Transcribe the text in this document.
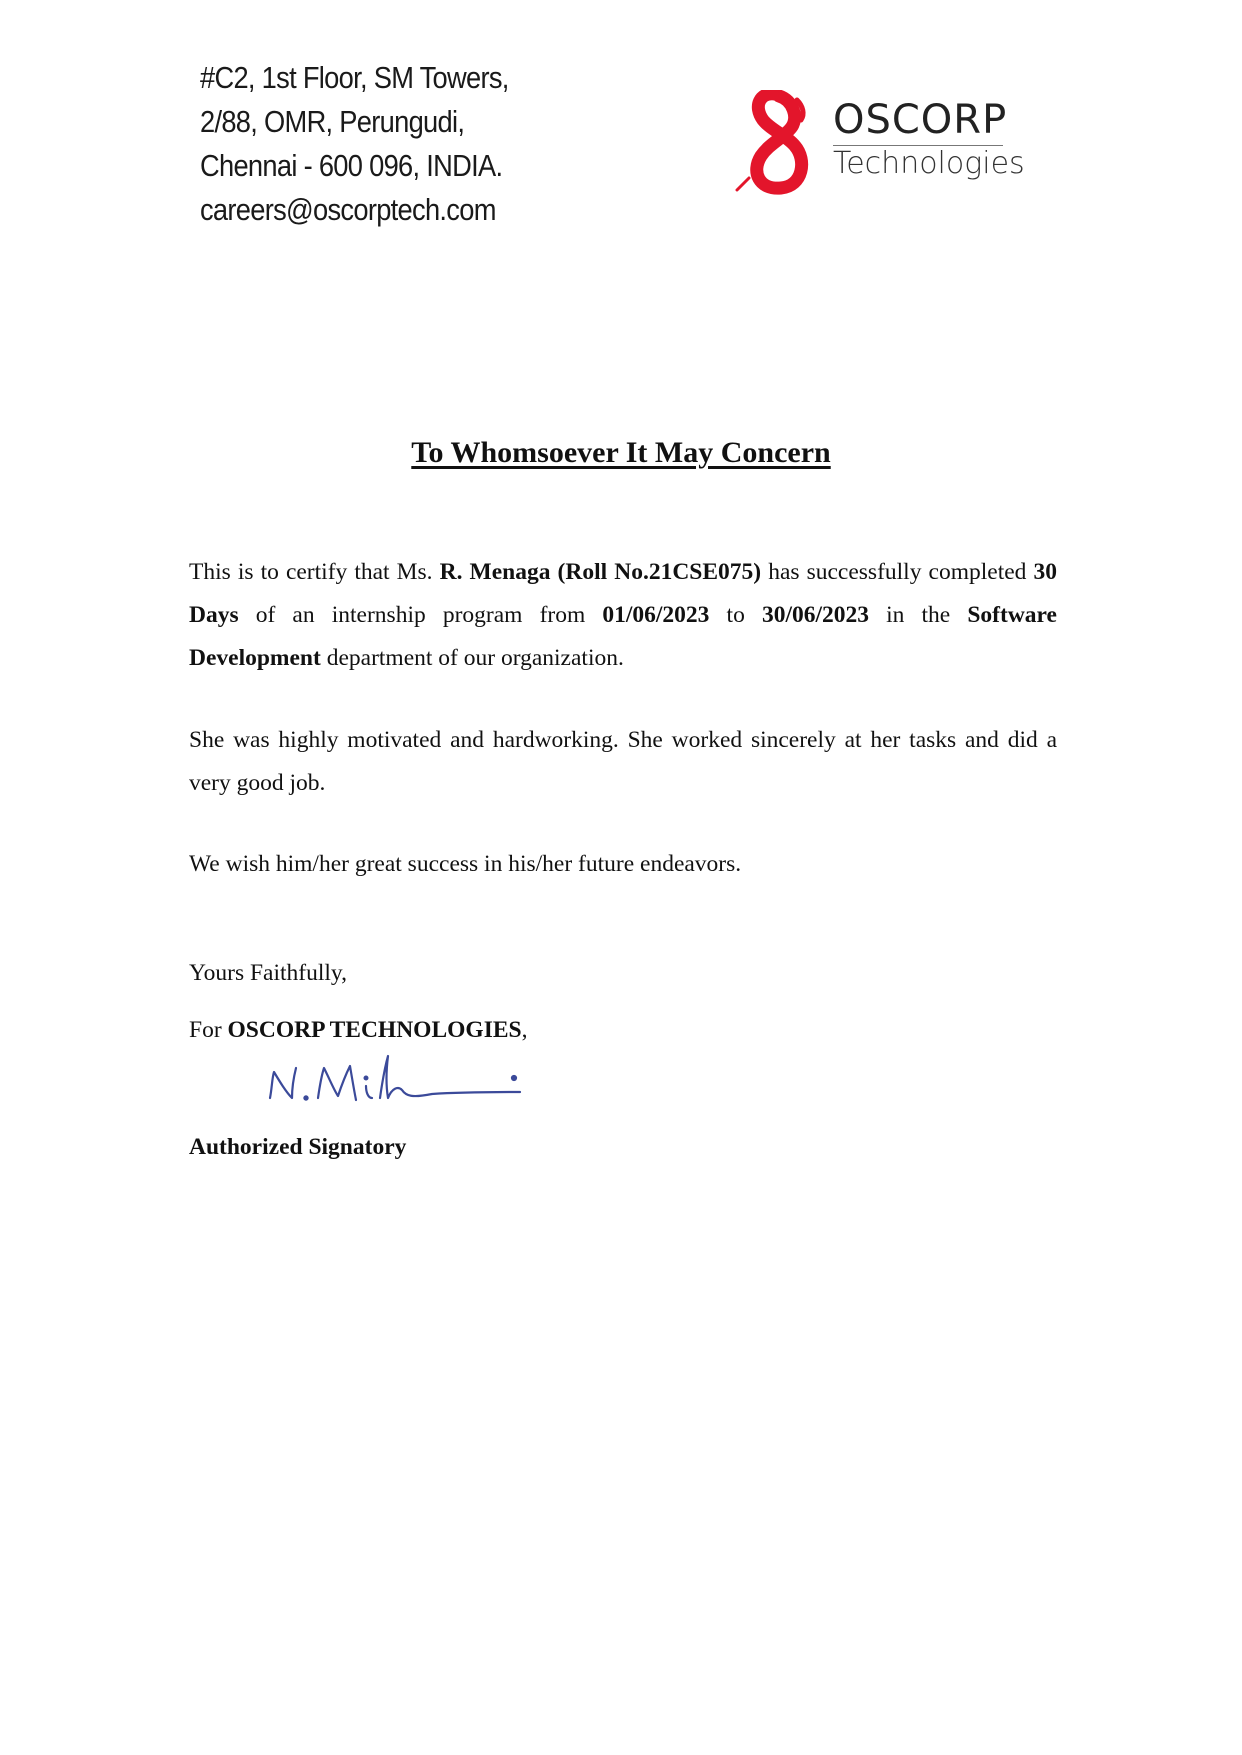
#C2, 1st Floor, SM Towers,
2/88, OMR, Perungudi,
Chennai - 600 096, INDIA.
careers@oscorptech.com
OSCORP
Technologies
To Whomsoever It May Concern
This is to certify that Ms. R. Menaga (Roll No.21CSE075) has successfully completed 30 Days of an internship program from 01/06/2023 to 30/06/2023 in the Software Development department of our organization.
She was highly motivated and hardworking. She worked sincerely at her tasks and did a very good job.
We wish him/her great success in his/her future endeavors.
Yours Faithfully,
For OSCORP TECHNOLOGIES,
Authorized Signatory
